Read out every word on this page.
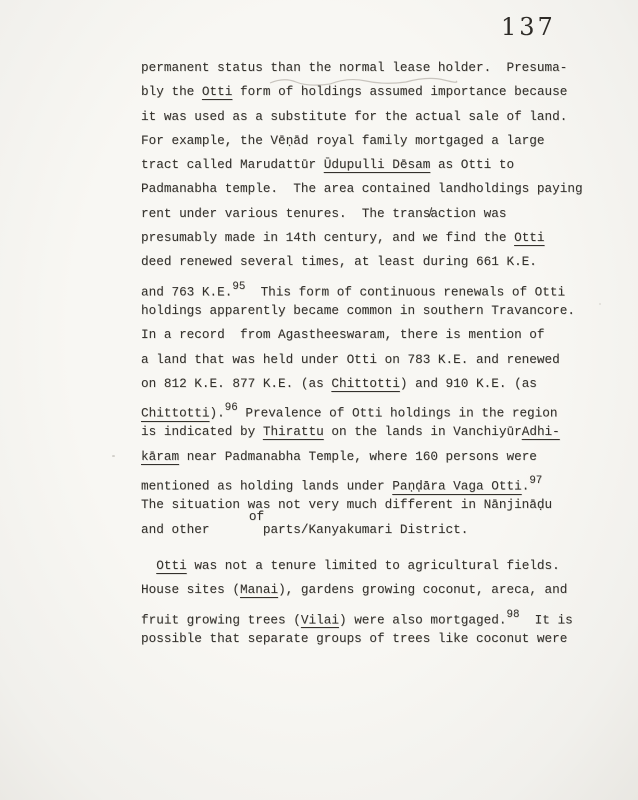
137
permanent status than the normal lease holder.  Presuma-
bly the Otti form of holdings assumed importance because
it was used as a substitute for the actual sale of land.
For example, the Vēṇād royal family mortgaged a large
tract called Marudattūr Ūdupulli Dēsam as Otti to
Padmanabha temple.  The area contained landholdings paying
rent under various tenures.  The trans̸action was
presumably made in 14th century, and we find the Otti
deed renewed several times, at least during 661 K.E.
and 763 K.E.95  This form of continuous renewals of Otti
holdings apparently became common in southern Travancore.
In a record  from Agastheeswaram, there is mention of
a land that was held under Otti on 783 K.E. and renewed
on 812 K.E. 877 K.E. (as Chittotti) and 910 K.E. (as
Chittotti).96 Prevalence of Otti holdings in the region
is indicated by Thirattu on the lands in VanchiyūrAdhi-
kāram near Padmanabha Temple, where 160 persons were
mentioned as holding lands under Paṇḍāra Vaga Otti.97
The situation was not very much different in Nānjināḍu
and other       ofparts/Kanyakumari District.
Otti was not a tenure limited to agricultural fields.
House sites (Manai), gardens growing coconut, areca, and
fruit growing trees (Vilai) were also mortgaged.98  It is
possible that separate groups of trees like coconut were
